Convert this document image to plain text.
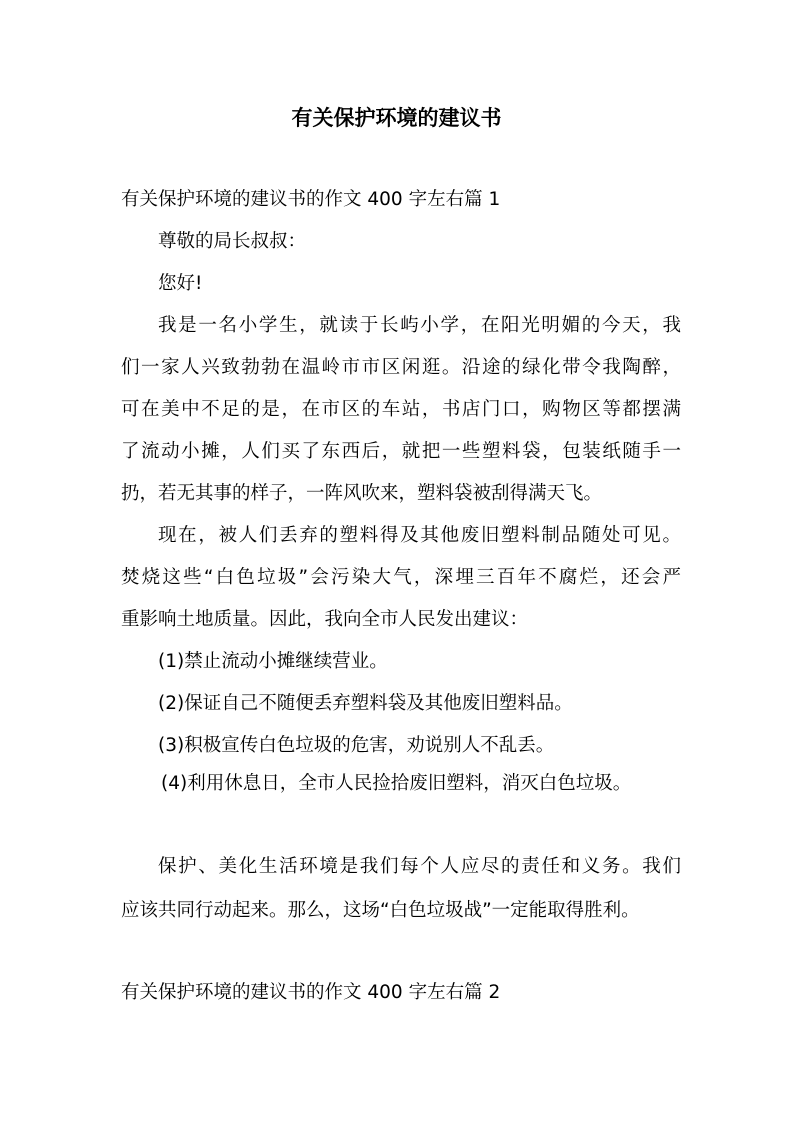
有关保护环境的建议书
有关保护环境的建议书的作文 400 字左右篇 1
尊敬的局长叔叔：
您好!
我是一名小学生，就读于长屿小学，在阳光明媚的今天，我
们一家人兴致勃勃在温岭市市区闲逛。沿途的绿化带令我陶醉，
可在美中不足的是，在市区的车站，书店门口，购物区等都摆满
了流动小摊，人们买了东西后，就把一些塑料袋，包装纸随手一
扔，若无其事的样子，一阵风吹来，塑料袋被刮得满天飞。
现在，被人们丢弃的塑料得及其他废旧塑料制品随处可见。
焚烧这些“白色垃圾”会污染大气，深埋三百年不腐烂，还会严
重影响土地质量。因此，我向全市人民发出建议：
(1)禁止流动小摊继续营业。
(2)保证自己不随便丢弃塑料袋及其他废旧塑料品。
(3)积极宣传白色垃圾的危害，劝说别人不乱丢。
(4)利用休息日，全市人民捡拾废旧塑料，消灭白色垃圾。
保护、美化生活环境是我们每个人应尽的责任和义务。我们
应该共同行动起来。那么，这场“白色垃圾战”一定能取得胜利。
有关保护环境的建议书的作文 400 字左右篇 2
